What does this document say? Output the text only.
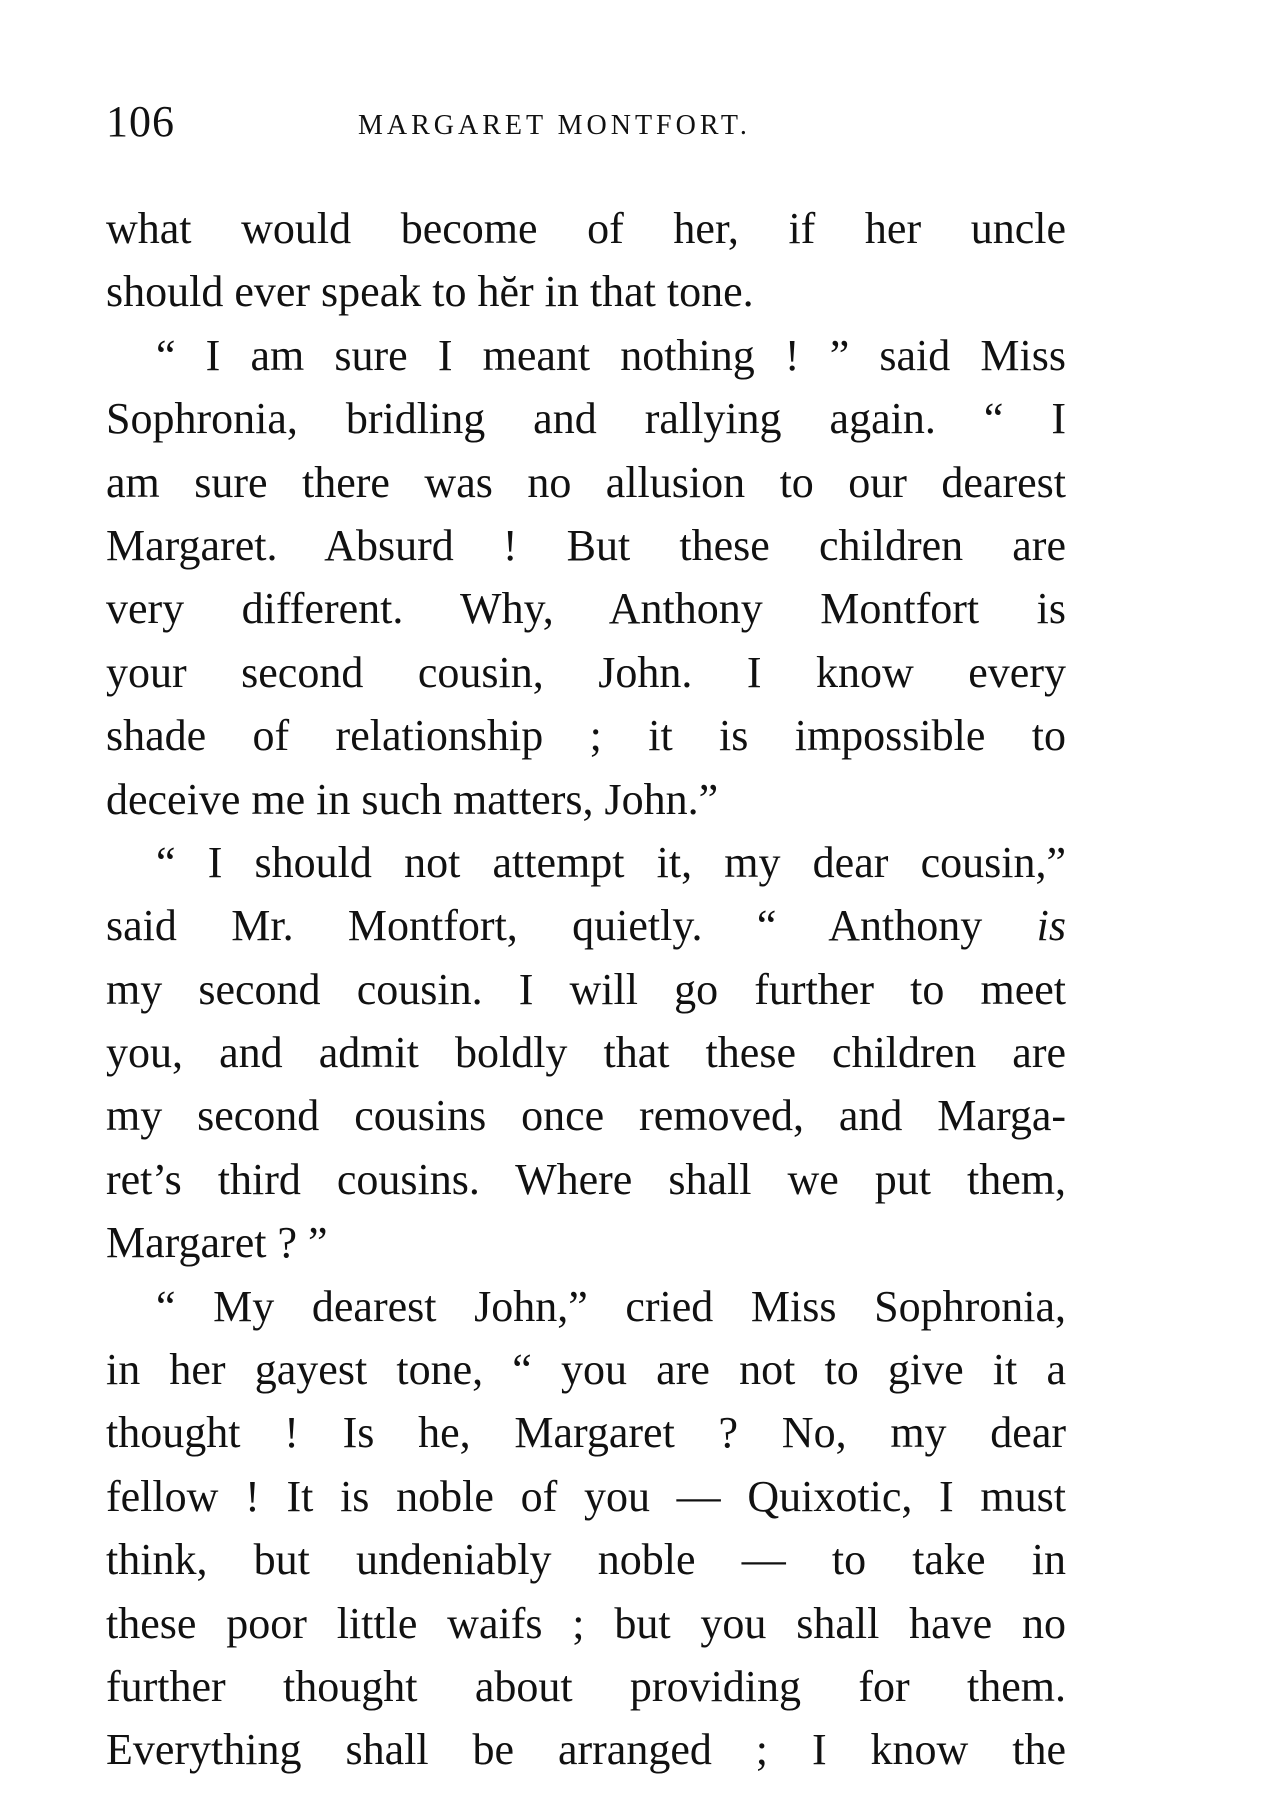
106	MARGARET MONTFORT.
what would become of her, if her uncle
should ever speak to hĕr in that tone.
“ I am sure I meant nothing ! ” said Miss
Sophronia, bridling and rallying again. “ I
am sure there was no allusion to our dearest
Margaret. Absurd ! But these children are
very different. Why, Anthony Montfort is
your second cousin, John. I know every
shade of relationship ; it is impossible to
deceive me in such matters, John.”
“ I should not attempt it, my dear cousin,”
said Mr. Montfort, quietly. “ Anthony is
my second cousin. I will go further to meet
you, and admit boldly that these children are
my second cousins once removed, and Marga-
ret’s third cousins. Where shall we put them,
Margaret ? ”
“ My dearest John,” cried Miss Sophronia,
in her gayest tone, “ you are not to give it a
thought ! Is he, Margaret ? No, my dear
fellow ! It is noble of you — Quixotic, I must
think, but undeniably noble — to take in
these poor little waifs ; but you shall have no
further thought about providing for them.
Everything shall be arranged ; I know the
